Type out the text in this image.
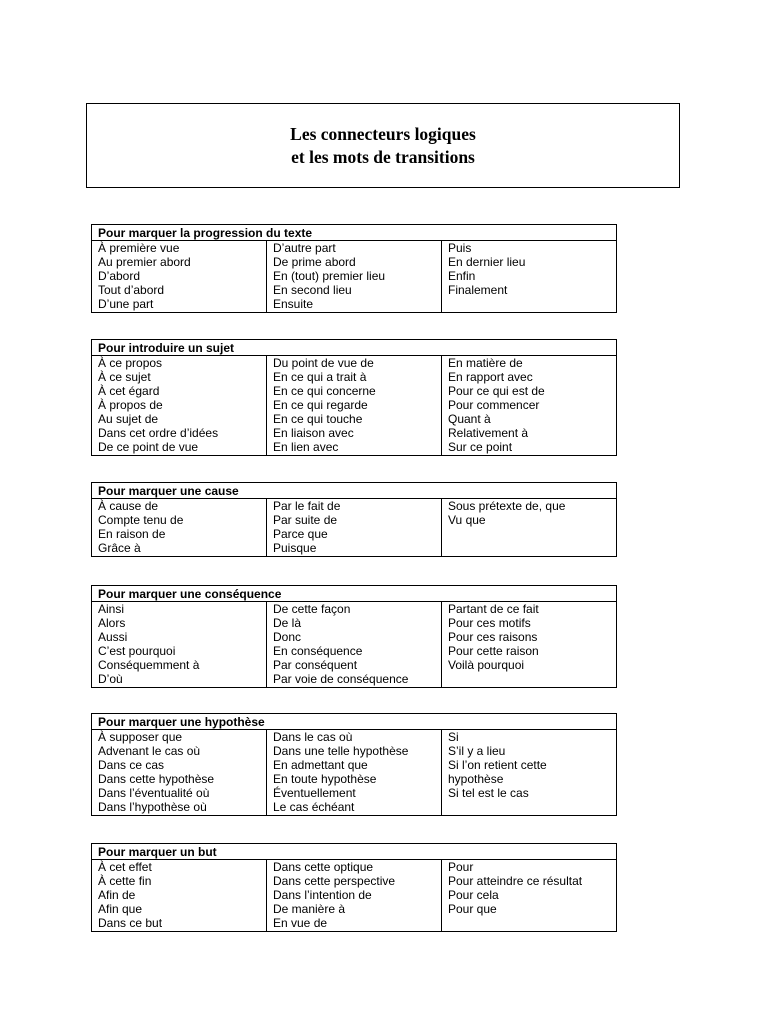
Les connecteurs logiques
et les mots de transitions
Pour marquer la progression du texte

À première vue
Au premier abord
D’abord
Tout d’abord
D’une part

D’autre part
De prime abord
En (tout) premier lieu
En second lieu
Ensuite

Puis
En dernier lieu
Enfin
Finalement
Pour introduire un sujet

À ce propos
À ce sujet
À cet égard
À propos de
Au sujet de
Dans cet ordre d’idées
De ce point de vue

Du point de vue de
En ce qui a trait à
En ce qui concerne
En ce qui regarde
En ce qui touche
En liaison avec
En lien avec

En matière de
En rapport avec
Pour ce qui est de
Pour commencer
Quant à
Relativement à
Sur ce point
Pour marquer une cause

À cause de
Compte tenu de
En raison de
Grâce à

Par le fait de
Par suite de
Parce que
Puisque

Sous prétexte de, que
Vu que
Pour marquer une conséquence

Ainsi
Alors
Aussi
C’est pourquoi
Conséquemment à
D’où

De cette façon
De là
Donc
En conséquence
Par conséquent
Par voie de conséquence

Partant de ce fait
Pour ces motifs
Pour ces raisons
Pour cette raison
Voilà pourquoi
Pour marquer une hypothèse

À supposer que
Advenant le cas où
Dans ce cas
Dans cette hypothèse
Dans l’éventualité où
Dans l’hypothèse où

Dans le cas où
Dans une telle hypothèse
En admettant que
En toute hypothèse
Éventuellement
Le cas échéant

Si
S’il y a lieu
Si l’on retient cette
hypothèse
Si tel est le cas
Pour marquer un but

À cet effet
À cette fin
Afin de
Afin que
Dans ce but

Dans cette optique
Dans cette perspective
Dans l’intention de
De manière à
En vue de

Pour
Pour atteindre ce résultat
Pour cela
Pour que
